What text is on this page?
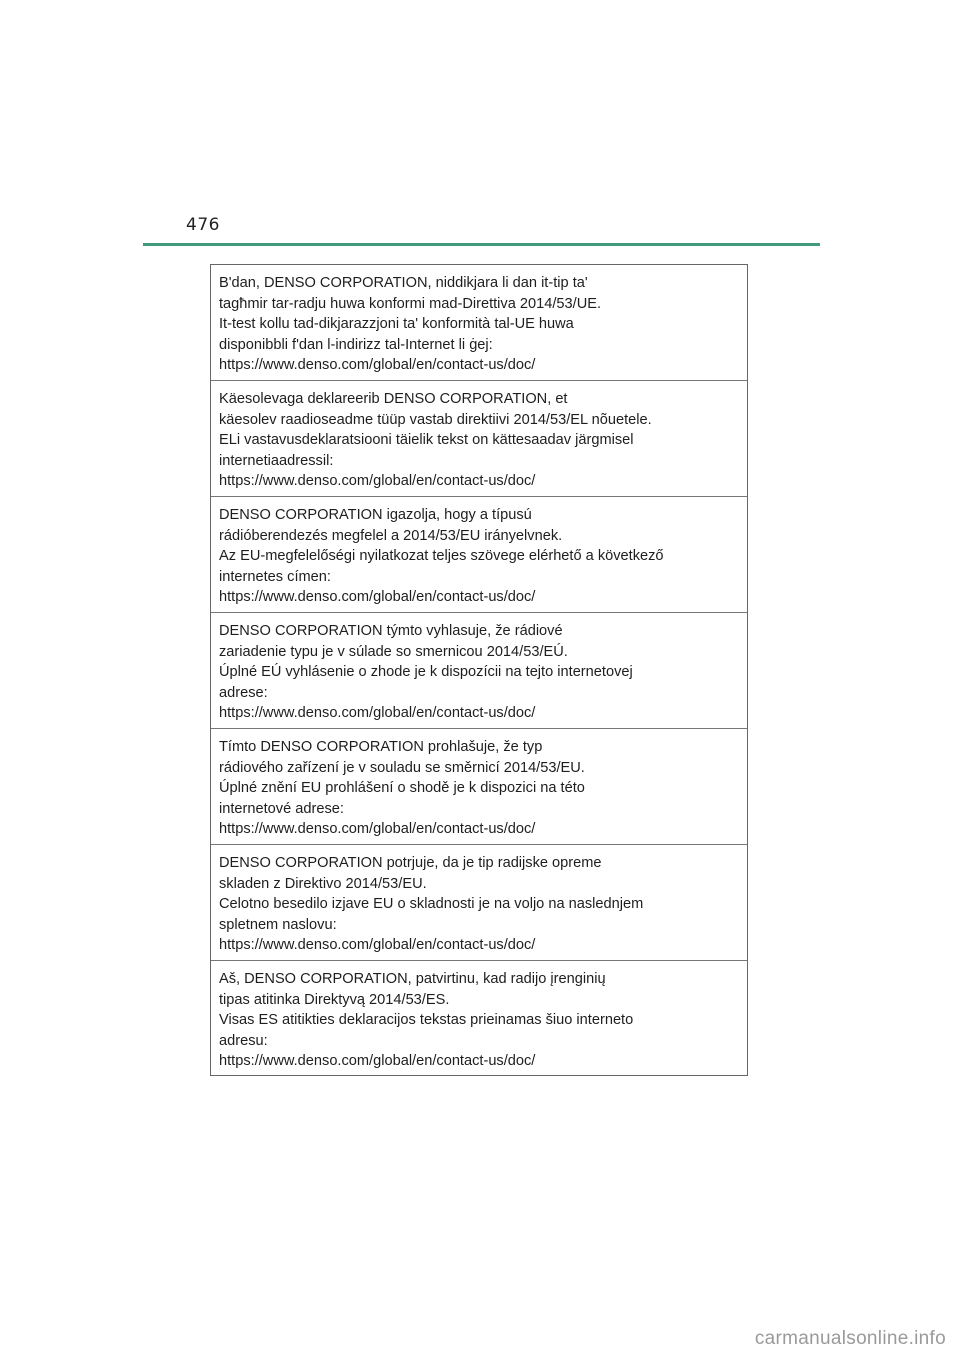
476
B'dan, DENSO CORPORATION, niddikjara li dan it-tip ta'
tagħmir tar-radju huwa konformi mad-Direttiva 2014/53/UE.
It-test kollu tad-dikjarazzjoni ta' konformità tal-UE huwa
disponibbli f'dan l-indirizz tal-Internet li ġej:
https://www.denso.com/global/en/contact-us/doc/
Käesolevaga deklareerib DENSO CORPORATION, et
käesolev raadioseadme tüüp vastab direktiivi 2014/53/EL nõuetele.
ELi vastavusdeklaratsiooni täielik tekst on kättesaadav järgmisel
internetiaadressil:
https://www.denso.com/global/en/contact-us/doc/
DENSO CORPORATION igazolja, hogy a típusú
rádióberendezés megfelel a 2014/53/EU irányelvnek.
Az EU-megfelelőségi nyilatkozat teljes szövege elérhető a következő
internetes címen:
https://www.denso.com/global/en/contact-us/doc/
DENSO CORPORATION týmto vyhlasuje, že rádiové
zariadenie typu je v súlade so smernicou 2014/53/EÚ.
Úplné EÚ vyhlásenie o zhode je k dispozícii na tejto internetovej
adrese:
https://www.denso.com/global/en/contact-us/doc/
Tímto DENSO CORPORATION prohlašuje, že typ
rádiového zařízení je v souladu se směrnicí 2014/53/EU.
Úplné znění EU prohlášení o shodě je k dispozici na této
internetové adrese:
https://www.denso.com/global/en/contact-us/doc/
DENSO CORPORATION potrjuje, da je tip radijske opreme
skladen z Direktivo 2014/53/EU.
Celotno besedilo izjave EU o skladnosti je na voljo na naslednjem
spletnem naslovu:
https://www.denso.com/global/en/contact-us/doc/
Aš, DENSO CORPORATION, patvirtinu, kad radijo įrenginių
tipas atitinka Direktyvą 2014/53/ES.
Visas ES atitikties deklaracijos tekstas prieinamas šiuo interneto
adresu:
https://www.denso.com/global/en/contact-us/doc/
carmanualsonline.info
